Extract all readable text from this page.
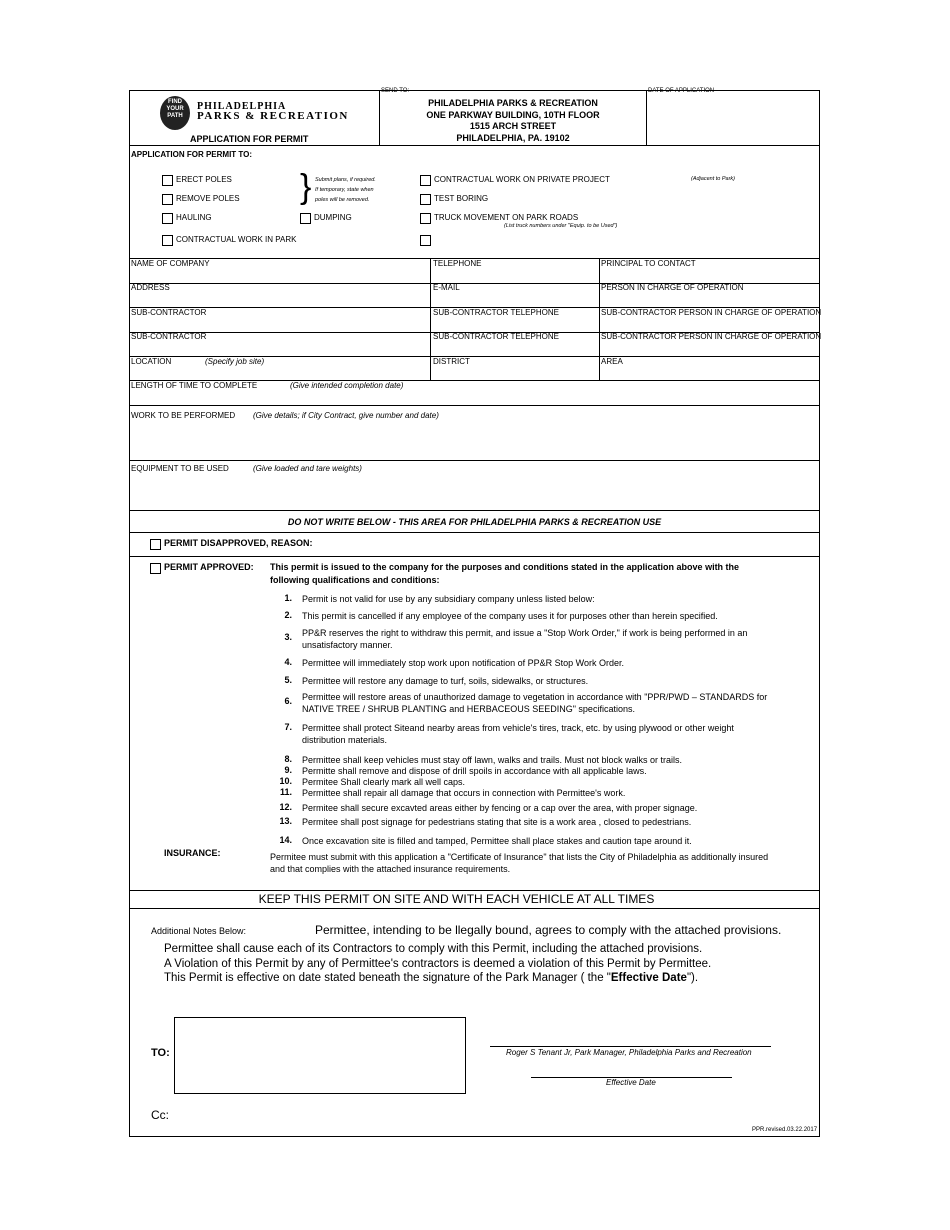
FIND YOUR PATH
PHILADELPHIA
PARKS & RECREATION
APPLICATION FOR PERMIT
SEND TO:
PHILADELPHIA PARKS & RECREATION
ONE PARKWAY BUILDING, 10TH FLOOR
1515 ARCH STREET
PHILADELPHIA, PA. 19102
DATE OF APPLICATION
APPLICATION FOR PERMIT TO:
ERECT POLES
REMOVE POLES
HAULING	DUMPING
CONTRACTUAL WORK IN PARK
} Submit plans, if required.
If temporary, state when
poles will be removed.
CONTRACTUAL WORK ON PRIVATE PROJECT	(Adjacent to Park)
TEST BORING
TRUCK MOVEMENT ON PARK ROADS
(List truck numbers under "Equip. to be Used")
NAME OF COMPANY	TELEPHONE	PRINCIPAL TO CONTACT
ADDRESS	E-MAIL	PERSON IN CHARGE OF OPERATION
SUB-CONTRACTOR	SUB-CONTRACTOR TELEPHONE	SUB-CONTRACTOR PERSON IN CHARGE OF OPERATION
SUB-CONTRACTOR	SUB-CONTRACTOR TELEPHONE	SUB-CONTRACTOR PERSON IN CHARGE OF OPERATION
LOCATION	(Specify job site)	DISTRICT	AREA
LENGTH OF TIME TO COMPLETE	(Give intended completion date)
WORK TO BE PERFORMED (Give details; if City Contract, give number and date)
EQUIPMENT TO BE USED	(Give loaded and tare weights)
DO NOT WRITE BELOW - THIS AREA FOR PHILADELPHIA PARKS & RECREATION USE
PERMIT DISAPPROVED, REASON:
PERMIT APPROVED: This permit is issued to the company for the purposes and conditions stated in the application above with the
following qualifications and conditions:
1. Permit is not valid for use by any subsidiary company unless listed below:
2. This permit is cancelled if any employee of the company uses it for purposes other than herein specified.
3. PP&R reserves the right to withdraw this permit, and issue a "Stop Work Order," if work is being performed in an
unsatisfactory manner.
4. Permittee will immediately stop work upon notification of PP&R Stop Work Order.
5. Permittee will restore any damage to turf, soils, sidewalks, or structures.
6. Permittee will restore areas of unauthorized damage to vegetation in accordance with "PPR/PWD – STANDARDS for
NATIVE TREE / SHRUB PLANTING and HERBACEOUS SEEDING" specifications.
7. Permittee shall protect Siteand nearby areas from vehicle's tires, track, etc. by using plywood or other weight
distribution materials.
8. Permittee shall keep vehicles must stay off lawn, walks and trails. Must not block walks or trails.
9. Permitte shall remove and dispose of drill spoils in accordance with all applicable laws.
10. Permitee Shall clearly mark all well caps.
11. Permittee shall repair all damage that occurs in connection with Permittee's work.
12. Permitee shall secure excavted areas either by fencing or a cap over the area, with proper signage.
13. Permitee shall post signage for pedestrians stating that site is a work area , closed to pedestrians.
14. Once excavation site is filled and tamped, Permittee shall place stakes and caution tape around it.
INSURANCE:	Permitee must submit with this application a "Certificate of Insurance" that lists the City of Philadelphia as additionally insured
and that complies with the attached insurance requirements.
KEEP THIS PERMIT ON SITE AND WITH EACH VEHICLE AT ALL TIMES
Additional Notes Below:	Permittee, intending to be llegally bound, agrees to comply with the attached provisions.
Permittee shall cause each of its Contractors to comply with this Permit, including the attached provisions.
A Violation of this Permit by any of Permittee's contractors is deemed a violation of this Permit by Permittee.
This Permit is effective on date stated beneath the signature of the Park Manager ( the "Effective Date").
TO:	Roger S Tenant Jr, Park Manager, Philadelphia Parks and Recreation
Effective Date
Cc:
PPR.revised.03.22.2017
